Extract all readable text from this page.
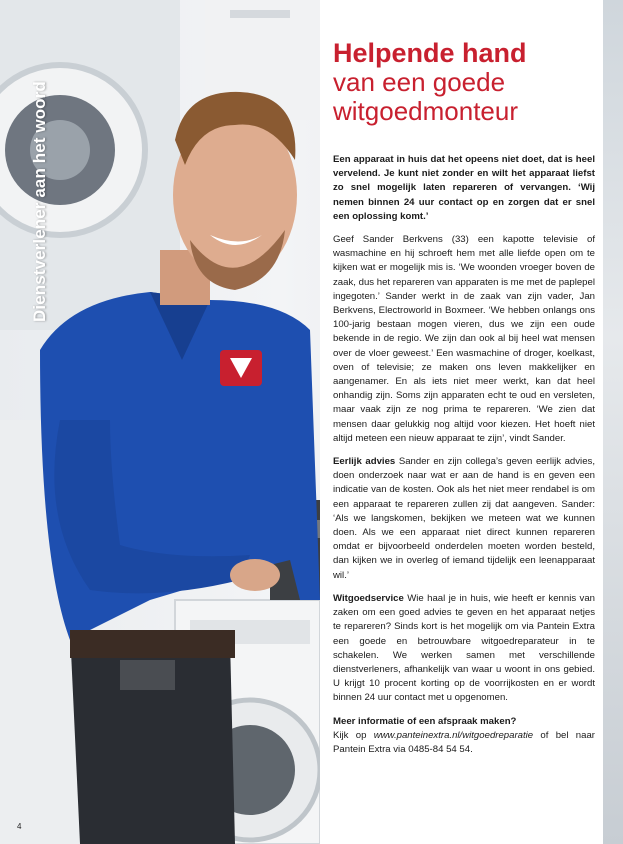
Dienstverlener aan het woord
Helpende hand
van een goede
witgoedmonteur

Een apparaat in huis dat het opeens niet doet, dat is heel vervelend. Je kunt niet zonder en wilt het apparaat liefst zo snel mogelijk laten repareren of vervangen. ‘Wij nemen binnen 24 uur contact op en zorgen dat er snel een oplossing komt.’

Geef Sander Berkvens (33) een kapotte televisie of wasmachine en hij schroeft hem met alle liefde open om te kijken wat er mogelijk mis is. ‘We woonden vroeger boven de zaak, dus het repareren van apparaten is me met de paplepel ingegoten.’ Sander werkt in de zaak van zijn vader, Jan Berkvens, Electroworld in Boxmeer. ‘We hebben onlangs ons 100-jarig bestaan mogen vieren, dus we zijn een oude bekende in de regio. We zijn dan ook al bij heel wat mensen over de vloer geweest.’ Een wasmachine of droger, koelkast, oven of televisie; ze maken ons leven makkelijker en aangenamer. En als iets niet meer werkt, kan dat heel onhandig zijn. Soms zijn apparaten echt te oud en versleten, maar vaak zijn ze nog prima te repareren. ‘We zien dat mensen daar gelukkig nog altijd voor kiezen. Het hoeft niet altijd meteen een nieuw apparaat te zijn’, vindt Sander.

Eerlijk advies Sander en zijn collega’s geven eerlijk advies, doen onderzoek naar wat er aan de hand is en geven een indicatie van de kosten. Ook als het niet meer rendabel is om een apparaat te repareren zullen zij dat aangeven. Sander: ‘Als we langskomen, bekijken we meteen wat we kunnen doen. Als we een apparaat niet direct kunnen repareren omdat er bijvoorbeeld onderdelen moeten worden besteld, dan kijken we in overleg of iemand tijdelijk een leenapparaat wil.’

Witgoedservice Wie haal je in huis, wie heeft er kennis van zaken om een goed advies te geven en het apparaat netjes te repareren? Sinds kort is het mogelijk om via Pantein Extra een goede en betrouwbare witgoedreparateur in te schakelen. We werken samen met verschillende dienstverleners, afhankelijk van waar u woont in ons gebied. U krijgt 10 procent korting op de voorrijkosten en er wordt binnen 24 uur contact met u opgenomen.

Meer informatie of een afspraak maken?
Kijk op www.panteinextra.nl/witgoedreparatie of bel naar Pantein Extra via 0485-84 54 54.

4
